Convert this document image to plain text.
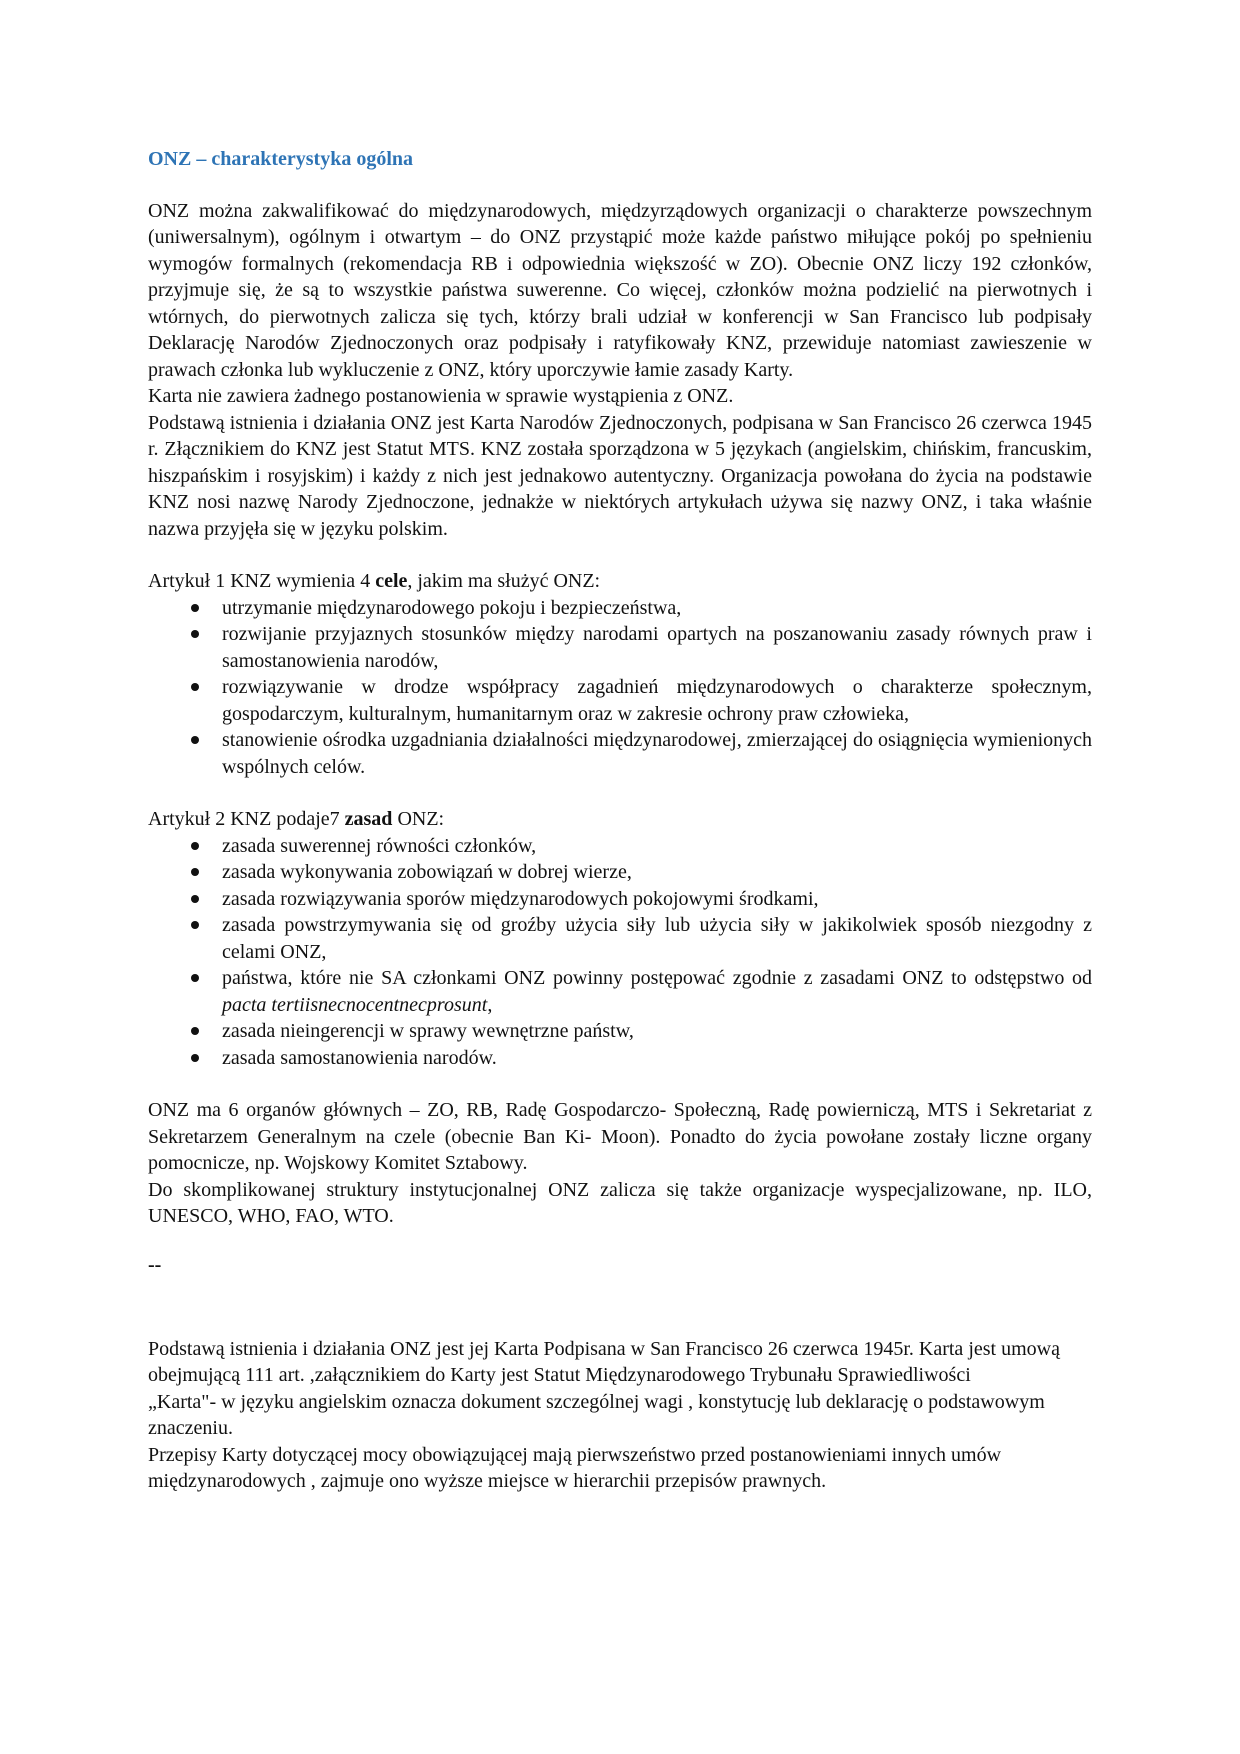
ONZ – charakterystyka ogólna

ONZ można zakwalifikować do międzynarodowych, międzyrządowych organizacji o charakterze powszechnym (uniwersalnym), ogólnym i otwartym – do ONZ przystąpić może każde państwo miłujące pokój po spełnieniu wymogów formalnych (rekomendacja RB i odpowiednia większość w ZO). Obecnie ONZ liczy 192 członków, przyjmuje się, że są to wszystkie państwa suwerenne. Co więcej, członków można podzielić na pierwotnych i wtórnych, do pierwotnych zalicza się tych, którzy brali udział w konferencji w San Francisco lub podpisały Deklarację Narodów Zjednoczonych oraz podpisały i ratyfikowały KNZ, przewiduje natomiast zawieszenie w prawach członka lub wykluczenie z ONZ, który uporczywie łamie zasady Karty.

Karta nie zawiera żadnego postanowienia w sprawie wystąpienia z ONZ.

Podstawą istnienia i działania ONZ jest Karta Narodów Zjednoczonych, podpisana w San Francisco 26 czerwca 1945 r. Złącznikiem do KNZ jest Statut MTS. KNZ została sporządzona w 5 językach (angielskim, chińskim, francuskim, hiszpańskim i rosyjskim) i każdy z nich jest jednakowo autentyczny. Organizacja powołana do życia na podstawie KNZ nosi nazwę Narody Zjednoczone, jednakże w niektórych artykułach używa się nazwy ONZ, i taka właśnie nazwa przyjęła się w języku polskim.

Artykuł 1 KNZ wymienia 4 cele, jakim ma służyć ONZ:

utrzymanie międzynarodowego pokoju i bezpieczeństwa,
rozwijanie przyjaznych stosunków między narodami opartych na poszanowaniu zasady równych praw i samostanowienia narodów,
rozwiązywanie w drodze współpracy zagadnień międzynarodowych o charakterze społecznym, gospodarczym, kulturalnym, humanitarnym oraz w zakresie ochrony praw człowieka,
stanowienie ośrodka uzgadniania działalności międzynarodowej, zmierzającej do osiągnięcia wymienionych wspólnych celów.

Artykuł 2 KNZ podaje7 zasad ONZ:

zasada suwerennej równości członków,
zasada wykonywania zobowiązań w dobrej wierze,
zasada rozwiązywania sporów międzynarodowych pokojowymi środkami,
zasada powstrzymywania się od groźby użycia siły lub użycia siły w jakikolwiek sposób niezgodny z celami ONZ,
państwa, które nie SA członkami ONZ powinny postępować zgodnie z zasadami ONZ to odstępstwo od pacta tertiisnecnocentnecprosunt,
zasada nieingerencji w sprawy wewnętrzne państw,
zasada samostanowienia narodów.

ONZ ma 6 organów głównych – ZO, RB, Radę Gospodarczo- Społeczną, Radę powierniczą, MTS i Sekretariat z Sekretarzem Generalnym na czele (obecnie Ban Ki- Moon). Ponadto do życia powołane zostały liczne organy pomocnicze, np. Wojskowy Komitet Sztabowy.

Do skomplikowanej struktury instytucjonalnej ONZ zalicza się także organizacje wyspecjalizowane, np. ILO, UNESCO, WHO, FAO, WTO.

--

Podstawą istnienia i działania ONZ jest jej Karta Podpisana w San Francisco 26 czerwca 1945r. Karta jest umową obejmującą 111 art. ,załącznikiem do Karty jest Statut Międzynarodowego Trybunału Sprawiedliwości

„Karta"- w języku angielskim oznacza dokument szczególnej wagi , konstytucję lub deklarację o podstawowym znaczeniu.

Przepisy Karty dotyczącej mocy obowiązującej mają pierwszeństwo przed postanowieniami innych umów międzynarodowych , zajmuje ono wyższe miejsce w hierarchii przepisów prawnych.
